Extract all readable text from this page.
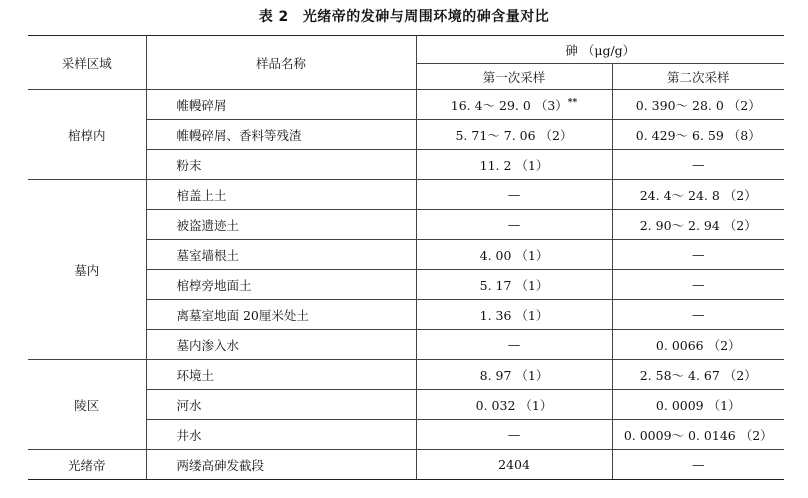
表 2 光绪帝的发砷与周围环境的砷含量对比
采样区域	样品名称	砷 （μg/g）	
		第一次采样	第二次采样
棺椁内	帷幔碎屑	16. 4～ 29. 0 （3）**	0. 390～ 28. 0 （2）
	帷幔碎屑、香料等残渣	5. 71～ 7. 06 （2）	0. 429～ 6. 59 （8）
	粉末	11. 2 （1）	—
墓内	棺盖上土	—	24. 4～ 24. 8 （2）
	被盗遗迹土	—	2. 90～ 2. 94 （2）
	墓室墙根土	4. 00 （1）	—
	棺椁旁地面土	5. 17 （1）	—
	离墓室地面 20厘米处土	1. 36 （1）	—
	墓内渗入水	—	0. 0066 （2）
陵区	环境土	8. 97 （1）	2. 58～ 4. 67 （2）
	河水	0. 032 （1）	0. 0009 （1）
	井水	—	0. 0009～ 0. 0146 （2）
光绪帝	两缕高砷发截段	2404	—
